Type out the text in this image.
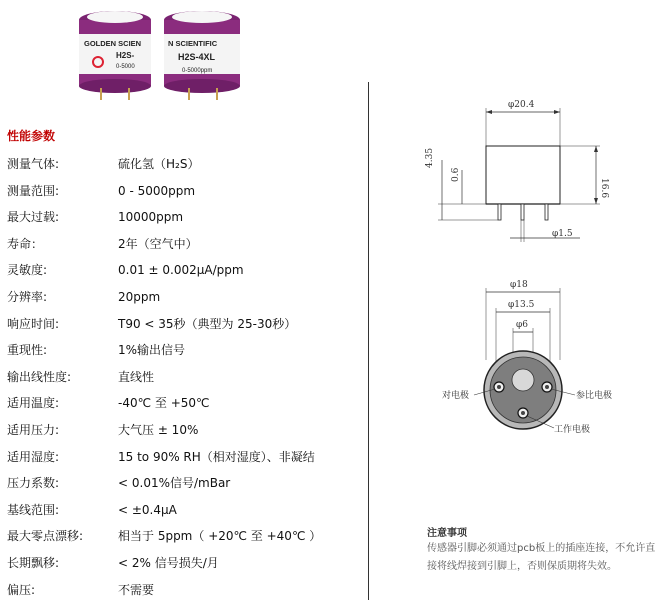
GOLDEN SCIEN
H2S-
0-5000
N SCIENTIFIC
H2S-4XL
0-5000ppm
性能参数
测量气体:	硫化氢（H₂S）
测量范围:	0 - 5000ppm
最大过载:	10000ppm
寿命：	2年（空气中）
灵敏度:	0.01 ± 0.002μA/ppm
分辨率:	20ppm
响应时间:	T90 < 35秒（典型为 25-30秒）
重现性:	1%输出信号
输出线性度:	直线性
适用温度:	-40℃ 至 +50℃
适用压力:	大气压 ± 10%
适用湿度:	15 to 90% RH（相对湿度）、非凝结
压力系数:	< 0.01%信号/mBar
基线范围:	< ±0.4μA
最大零点漂移:	相当于 5ppm（ +20℃ 至 +40℃ ）
长期飘移:	< 2% 信号损失/月
偏压:	不需要
φ20.4
16.6
4.35
0.6
φ1.5
φ18
φ13.5
φ6
对电极	参比电极
工作电极
注意事项
传感器引脚必须通过pcb板上的插座连接，不允许直接将线焊接到引脚上，否则保质期将失效。
